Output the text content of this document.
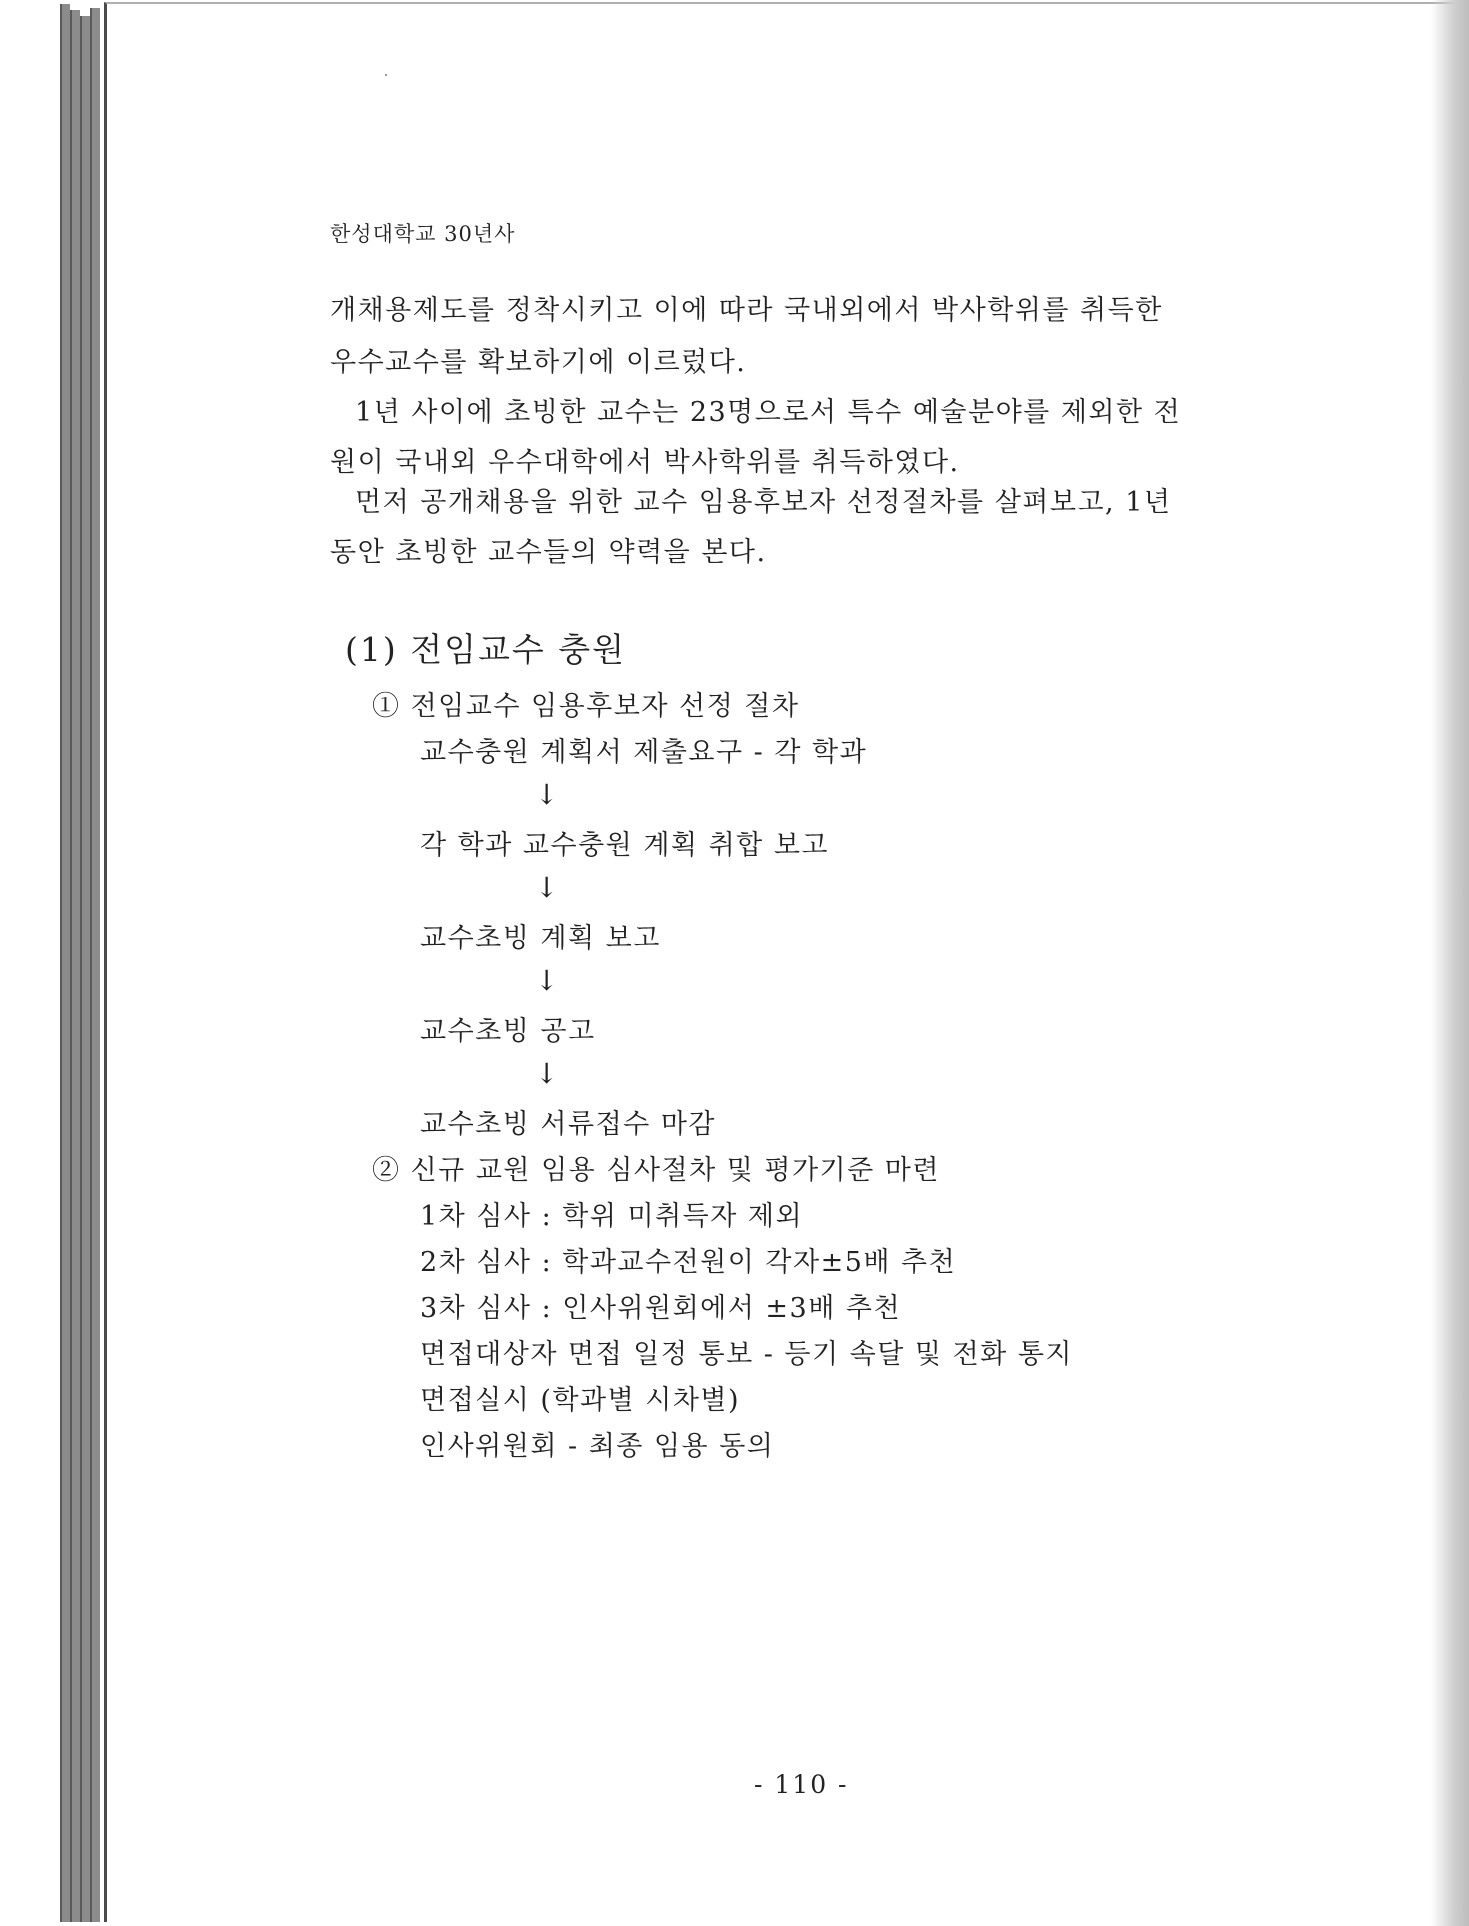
한성대학교 30년사
개채용제도를 정착시키고 이에 따라 국내외에서 박사학위를 취득한
우수교수를 확보하기에 이르렀다.
1년 사이에 초빙한 교수는 23명으로서 특수 예술분야를 제외한 전
원이 국내외 우수대학에서 박사학위를 취득하였다.
먼저 공개채용을 위한 교수 임용후보자 선정절차를 살펴보고, 1년
동안 초빙한 교수들의 약력을 본다.
(1) 전임교수 충원
① 전임교수 임용후보자 선정 절차
교수충원 계획서 제출요구 - 각 학과
↓
각 학과 교수충원 계획 취합 보고
↓
교수초빙 계획 보고
↓
교수초빙 공고
↓
교수초빙 서류접수 마감
② 신규 교원 임용 심사절차 및 평가기준 마련
1차 심사 : 학위 미취득자 제외
2차 심사 : 학과교수전원이 각자±5배 추천
3차 심사 : 인사위원회에서 ±3배 추천
면접대상자 면접 일정 통보 - 등기 속달 및 전화 통지
면접실시 (학과별 시차별)
인사위원회 - 최종 임용 동의
- 110 -
